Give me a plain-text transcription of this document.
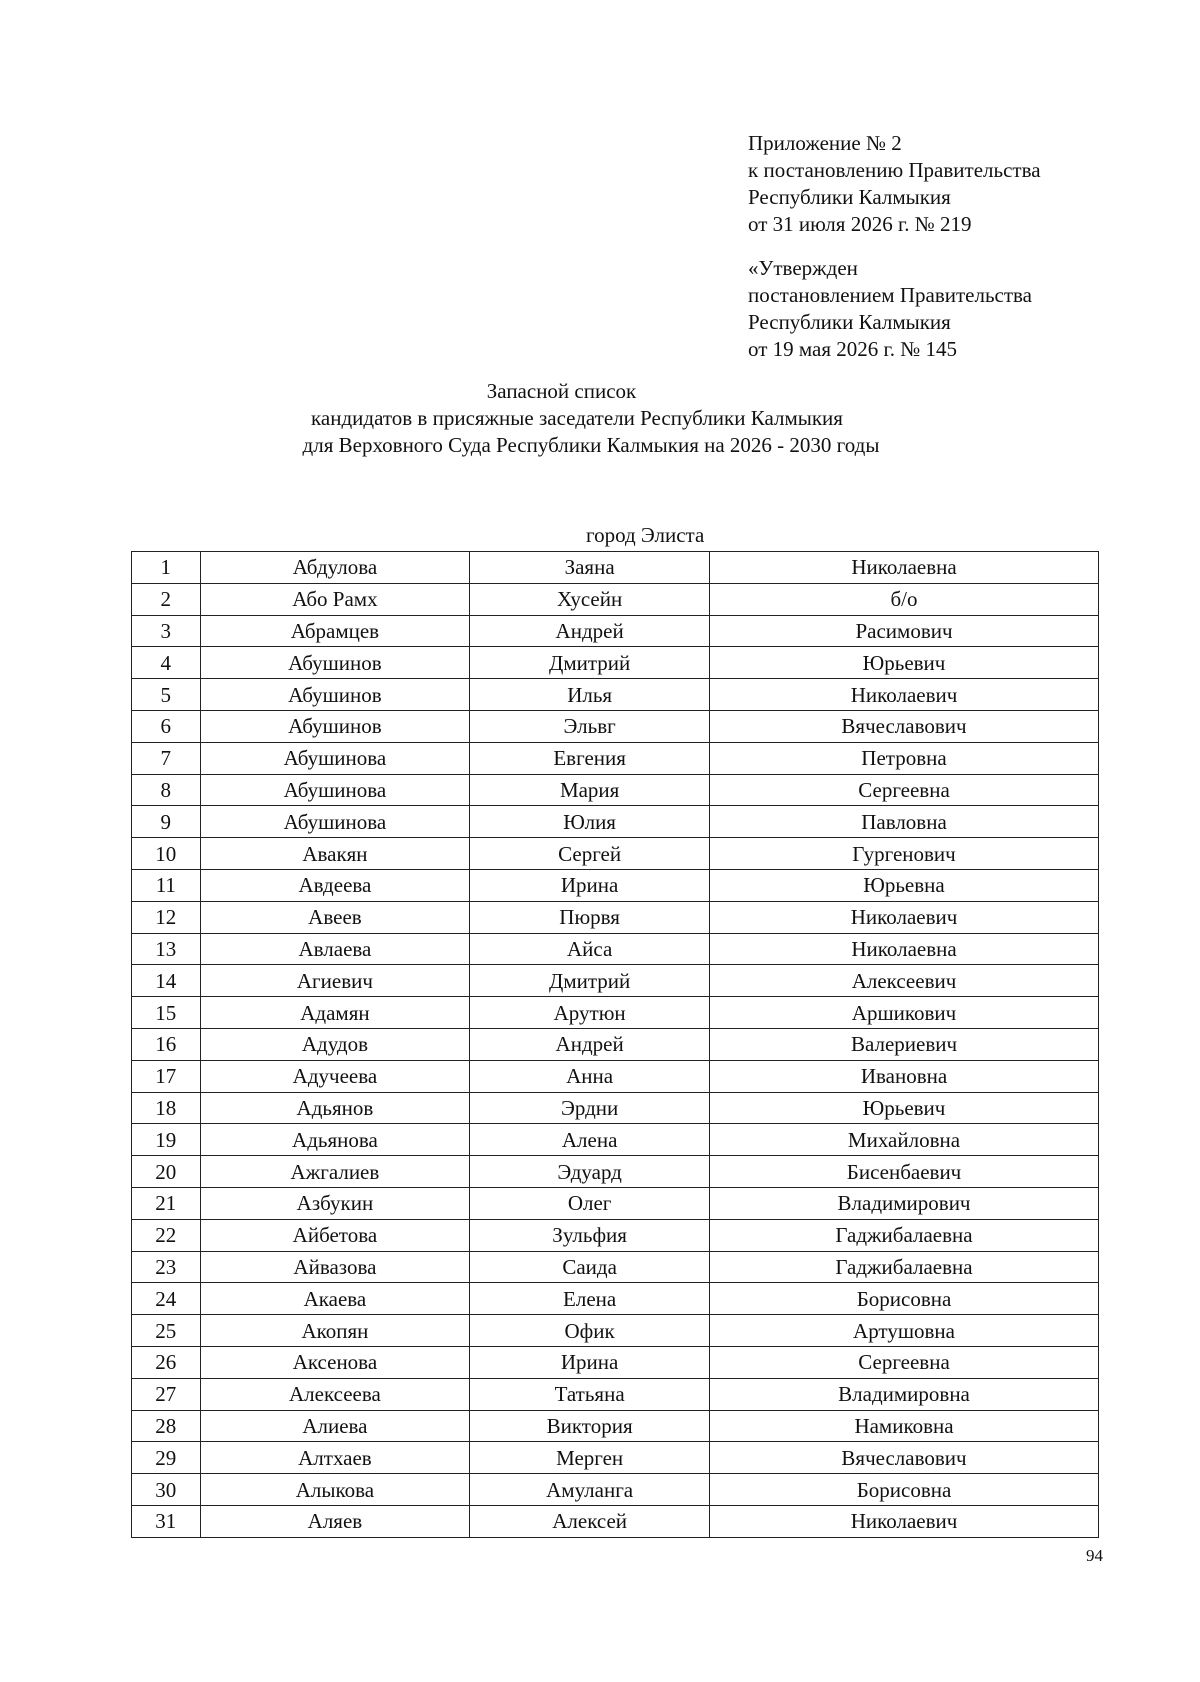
Приложение № 2
к постановлению Правительства
Республики Калмыкия
от 31 июля 2026 г. № 219
«Утвержден
постановлением Правительства
Республики Калмыкия
от 19 мая 2026 г. № 145
Запасной список
кандидатов в присяжные заседатели Республики Калмыкия
для Верховного Суда Республики Калмыкия на 2026 - 2030 годы
город Элиста
1	Абдулова	Заяна	Николаевна
2	Або Рамх	Хусейн	б/о
3	Абрамцев	Андрей	Расимович
4	Абушинов	Дмитрий	Юрьевич
5	Абушинов	Илья	Николаевич
6	Абушинов	Эльвг	Вячеславович
7	Абушинова	Евгения	Петровна
8	Абушинова	Мария	Сергеевна
9	Абушинова	Юлия	Павловна
10	Авакян	Сергей	Гургенович
11	Авдеева	Ирина	Юрьевна
12	Авеев	Пюрвя	Николаевич
13	Авлаева	Айса	Николаевна
14	Агиевич	Дмитрий	Алексеевич
15	Адамян	Арутюн	Аршикович
16	Адудов	Андрей	Валериевич
17	Адучеева	Анна	Ивановна
18	Адьянов	Эрдни	Юрьевич
19	Адьянова	Алена	Михайловна
20	Ажгалиев	Эдуард	Бисенбаевич
21	Азбукин	Олег	Владимирович
22	Айбетова	Зульфия	Гаджибалаевна
23	Айвазова	Саида	Гаджибалаевна
24	Акаева	Елена	Борисовна
25	Акопян	Офик	Артушовна
26	Аксенова	Ирина	Сергеевна
27	Алексеева	Татьяна	Владимировна
28	Алиева	Виктория	Намиковна
29	Алтхаев	Мерген	Вячеславович
30	Алыкова	Амуланга	Борисовна
31	Аляев	Алексей	Николаевич
94
